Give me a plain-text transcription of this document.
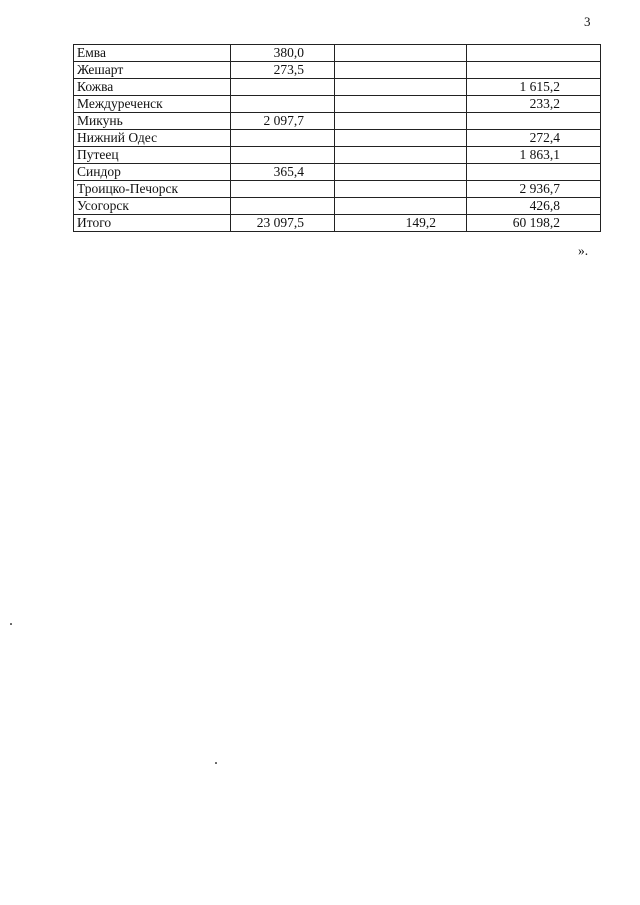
3
Емва	380,0		
Жешарт	273,5		
Кожва			1 615,2
Междуреченск			233,2
Микунь	2 097,7		
Нижний Одес			272,4
Путеец			1 863,1
Синдор	365,4		
Троицко-Печорск			2 936,7
Усогорск			426,8
Итого	23 097,5	149,2	60 198,2
».
